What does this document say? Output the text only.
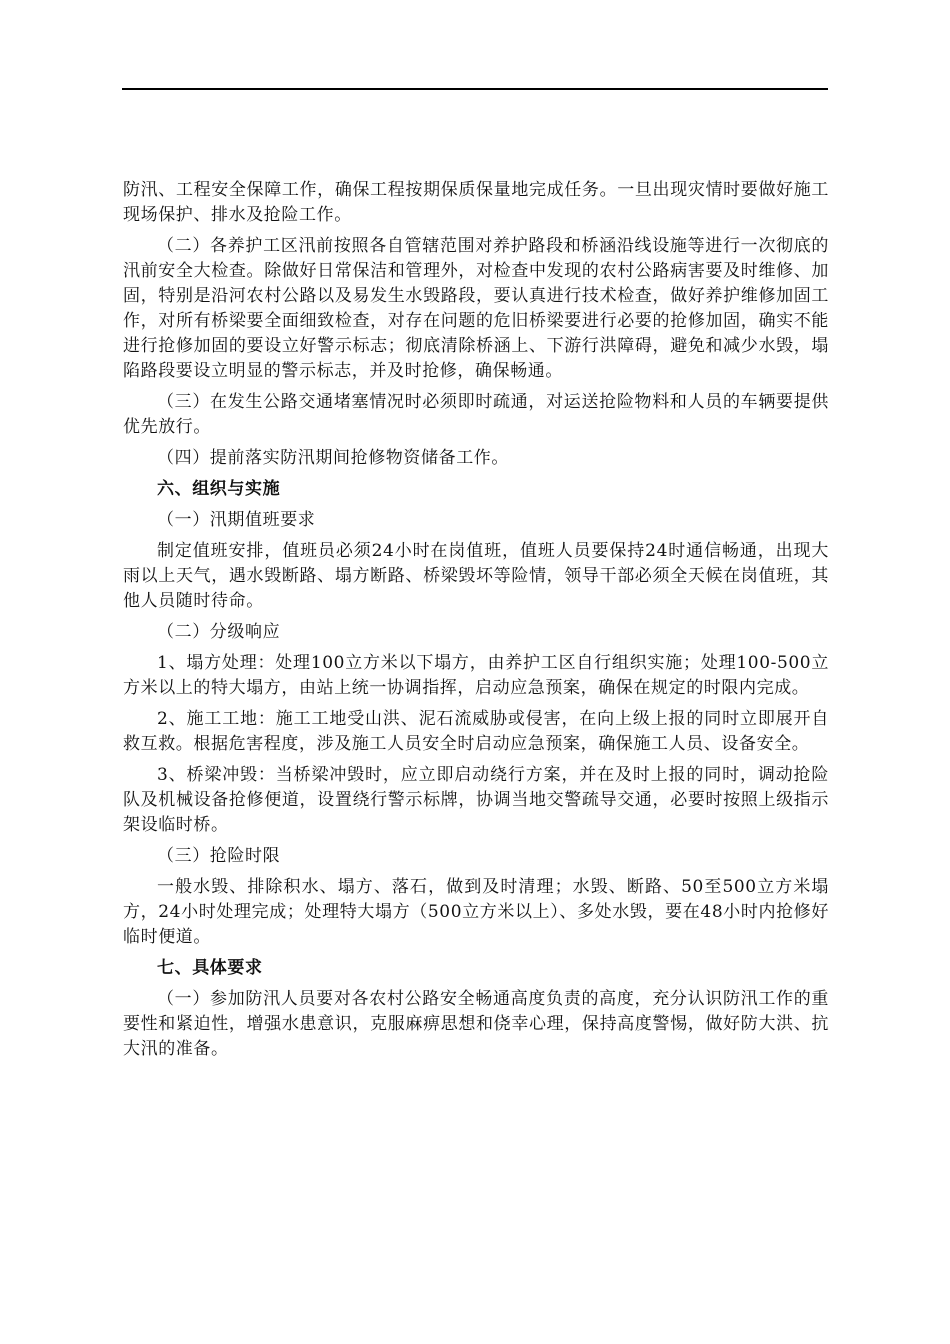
防汛、工程安全保障工作，确保工程按期保质保量地完成任务。一旦出现灾情时要做好施工现场保护、排水及抢险工作。

（二）各养护工区汛前按照各自管辖范围对养护路段和桥涵沿线设施等进行一次彻底的汛前安全大检查。除做好日常保洁和管理外，对检查中发现的农村公路病害要及时维修、加固，特别是沿河农村公路以及易发生水毁路段，要认真进行技术检查，做好养护维修加固工作，对所有桥梁要全面细致检查，对存在问题的危旧桥梁要进行必要的抢修加固，确实不能进行抢修加固的要设立好警示标志；彻底清除桥涵上、下游行洪障碍，避免和减少水毁，塌陷路段要设立明显的警示标志，并及时抢修，确保畅通。

（三）在发生公路交通堵塞情况时必须即时疏通，对运送抢险物料和人员的车辆要提供优先放行。

（四）提前落实防汛期间抢修物资储备工作。

六、组织与实施

（一）汛期值班要求

制定值班安排，值班员必须24小时在岗值班，值班人员要保持24时通信畅通，出现大雨以上天气，遇水毁断路、塌方断路、桥梁毁坏等险情，领导干部必须全天候在岗值班，其他人员随时待命。

（二）分级响应

1、塌方处理：处理100立方米以下塌方，由养护工区自行组织实施；处理100-500立方米以上的特大塌方，由站上统一协调指挥，启动应急预案，确保在规定的时限内完成。

2、施工工地：施工工地受山洪、泥石流威胁或侵害，在向上级上报的同时立即展开自救互救。根据危害程度，涉及施工人员安全时启动应急预案，确保施工人员、设备安全。

3、桥梁冲毁：当桥梁冲毁时，应立即启动绕行方案，并在及时上报的同时，调动抢险队及机械设备抢修便道，设置绕行警示标牌，协调当地交警疏导交通，必要时按照上级指示架设临时桥。

（三）抢险时限

一般水毁、排除积水、塌方、落石，做到及时清理；水毁、断路、50至500立方米塌方，24小时处理完成；处理特大塌方（500立方米以上）、多处水毁，要在48小时内抢修好临时便道。

七、具体要求

（一）参加防汛人员要对各农村公路安全畅通高度负责的高度，充分认识防汛工作的重要性和紧迫性，增强水患意识，克服麻痹思想和侥幸心理，保持高度警惕，做好防大洪、抗大汛的准备。
